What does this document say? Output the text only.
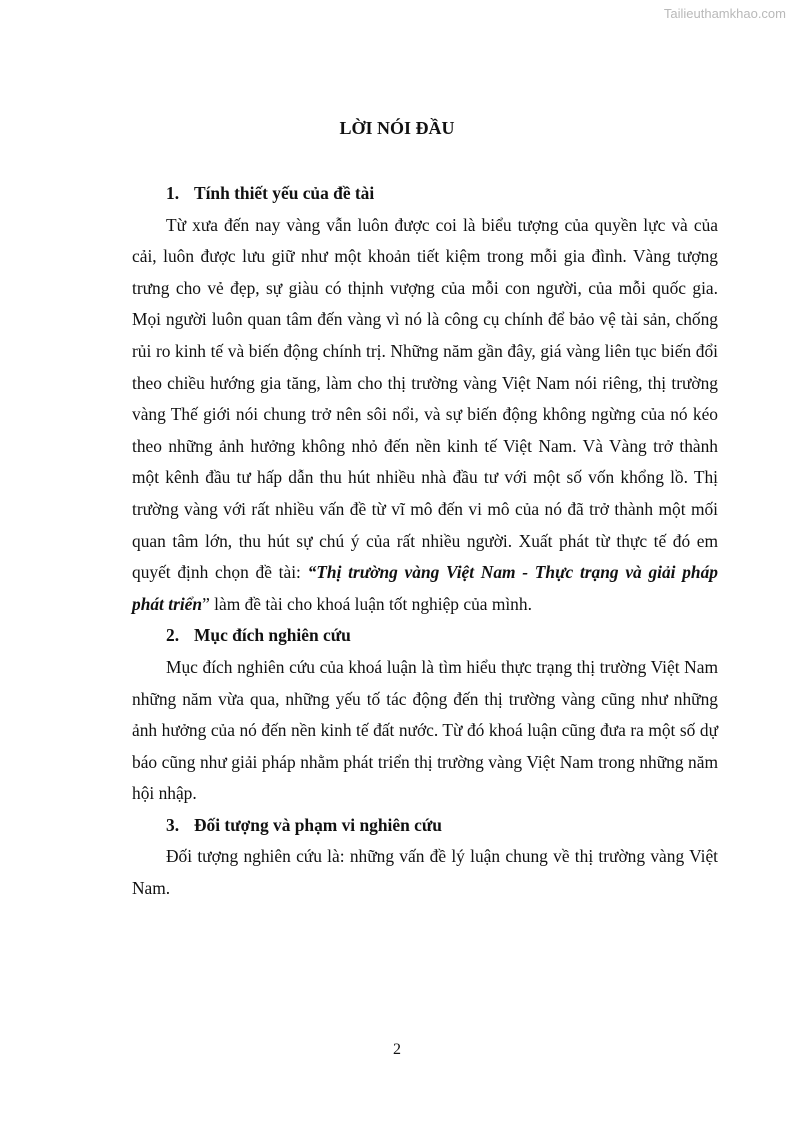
Tailieuthamkhao.com
LỜI NÓI ĐẦU
1. Tính thiết yếu của đề tài

Từ xưa đến nay vàng vẫn luôn được coi là biểu tượng của quyền lực và của cải, luôn được lưu giữ như một khoản tiết kiệm trong mỗi gia đình. Vàng tượng trưng cho vẻ đẹp, sự giàu có thịnh vượng của mỗi con người, của mỗi quốc gia. Mọi người luôn quan tâm đến vàng vì nó là công cụ chính để bảo vệ tài sản, chống rủi ro kinh tế và biến động chính trị. Những năm gần đây, giá vàng liên tục biến đổi theo chiều hướng gia tăng, làm cho thị trường vàng Việt Nam nói riêng, thị trường vàng Thế giới nói chung trở nên sôi nổi, và sự biến động không ngừng của nó kéo theo những ảnh hưởng không nhỏ đến nền kinh tế Việt Nam. Và Vàng trở thành một kênh đầu tư hấp dẫn thu hút nhiều nhà đầu tư với một số vốn khổng lồ. Thị trường vàng với rất nhiều vấn đề từ vĩ mô đến vi mô của nó đã trở thành một mối quan tâm lớn, thu hút sự chú ý của rất nhiều người. Xuất phát từ thực tế đó em quyết định chọn đề tài: “Thị trường vàng Việt Nam - Thực trạng và giải pháp phát triển” làm đề tài cho khoá luận tốt nghiệp của mình.

2. Mục đích nghiên cứu

Mục đích nghiên cứu của khoá luận là tìm hiểu thực trạng thị trường Việt Nam những năm vừa qua, những yếu tố tác động đến thị trường vàng cũng như những ảnh hưởng của nó đến nền kinh tế đất nước. Từ đó khoá luận cũng đưa ra một số dự báo cũng như giải pháp nhằm phát triển thị trường vàng Việt Nam trong những năm hội nhập.

3. Đối tượng và phạm vi nghiên cứu

Đối tượng nghiên cứu là: những vấn đề lý luận chung về thị trường vàng Việt Nam.

2
